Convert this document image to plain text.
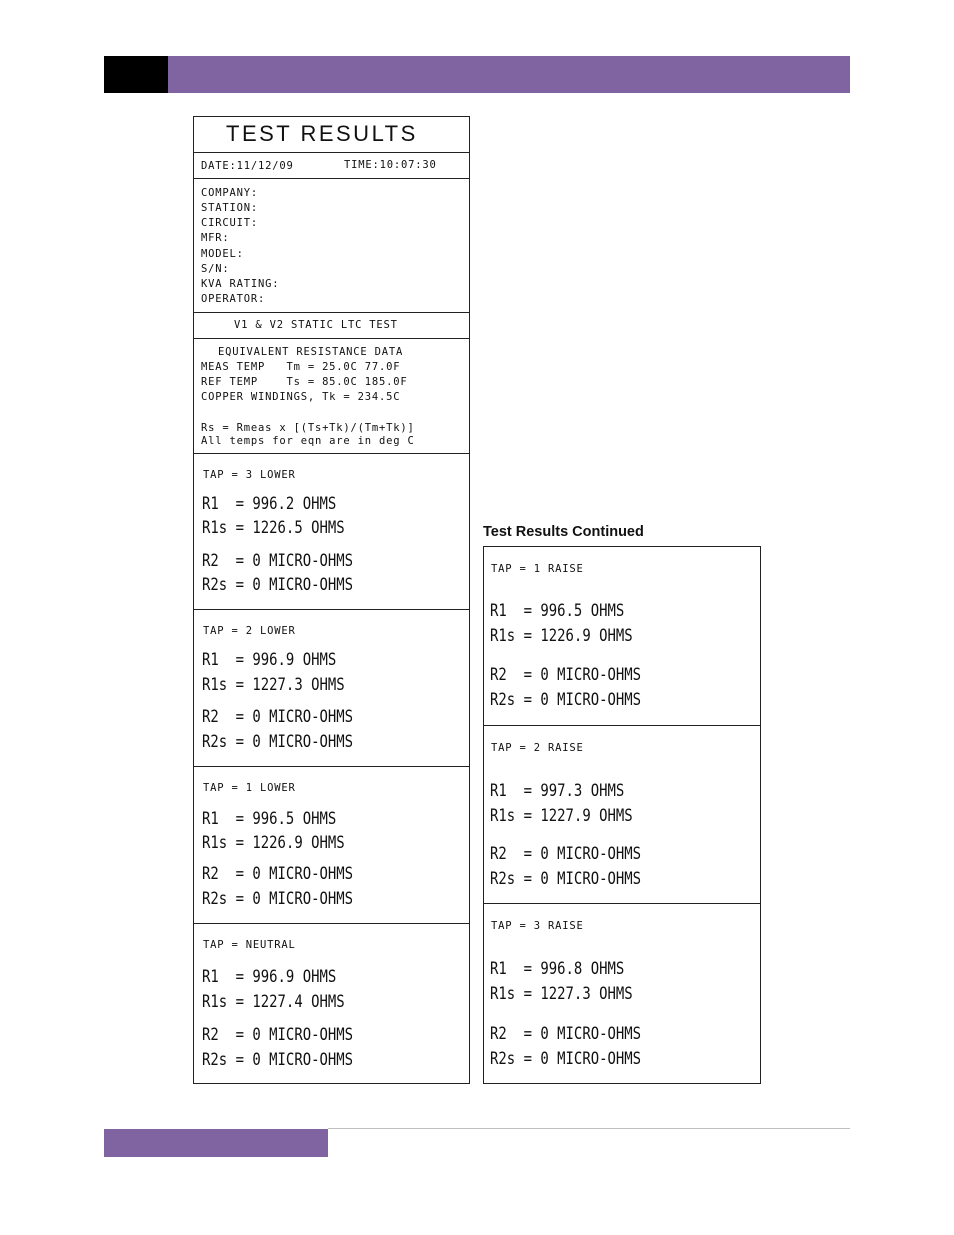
TEST RESULTS
DATE:11/12/09	TIME:10:07:30
COMPANY:
STATION:
CIRCUIT:
MFR:
MODEL:
S/N:
KVA RATING:
OPERATOR:
V1 & V2 STATIC LTC TEST
EQUIVALENT RESISTANCE DATA
MEAS TEMP   Tm = 25.0C 77.0F
REF TEMP    Ts = 85.0C 185.0F
COPPER WINDINGS, Tk = 234.5C
Rs = Rmeas x [(Ts+Tk)/(Tm+Tk)]
All temps for eqn are in deg C
TAP = 3 LOWER
R1  = 996.2 OHMS
R1s = 1226.5 OHMS
R2  = 0 MICRO-OHMS
R2s = 0 MICRO-OHMS
TAP = 2 LOWER
R1  = 996.9 OHMS
R1s = 1227.3 OHMS
R2  = 0 MICRO-OHMS
R2s = 0 MICRO-OHMS
TAP = 1 LOWER
R1  = 996.5 OHMS
R1s = 1226.9 OHMS
R2  = 0 MICRO-OHMS
R2s = 0 MICRO-OHMS
TAP = NEUTRAL
R1  = 996.9 OHMS
R1s = 1227.4 OHMS
R2  = 0 MICRO-OHMS
R2s = 0 MICRO-OHMS
Test Results Continued
TAP = 1 RAISE
R1  = 996.5 OHMS
R1s = 1226.9 OHMS
R2  = 0 MICRO-OHMS
R2s = 0 MICRO-OHMS
TAP = 2 RAISE
R1  = 997.3 OHMS
R1s = 1227.9 OHMS
R2  = 0 MICRO-OHMS
R2s = 0 MICRO-OHMS
TAP = 3 RAISE
R1  = 996.8 OHMS
R1s = 1227.3 OHMS
R2  = 0 MICRO-OHMS
R2s = 0 MICRO-OHMS
